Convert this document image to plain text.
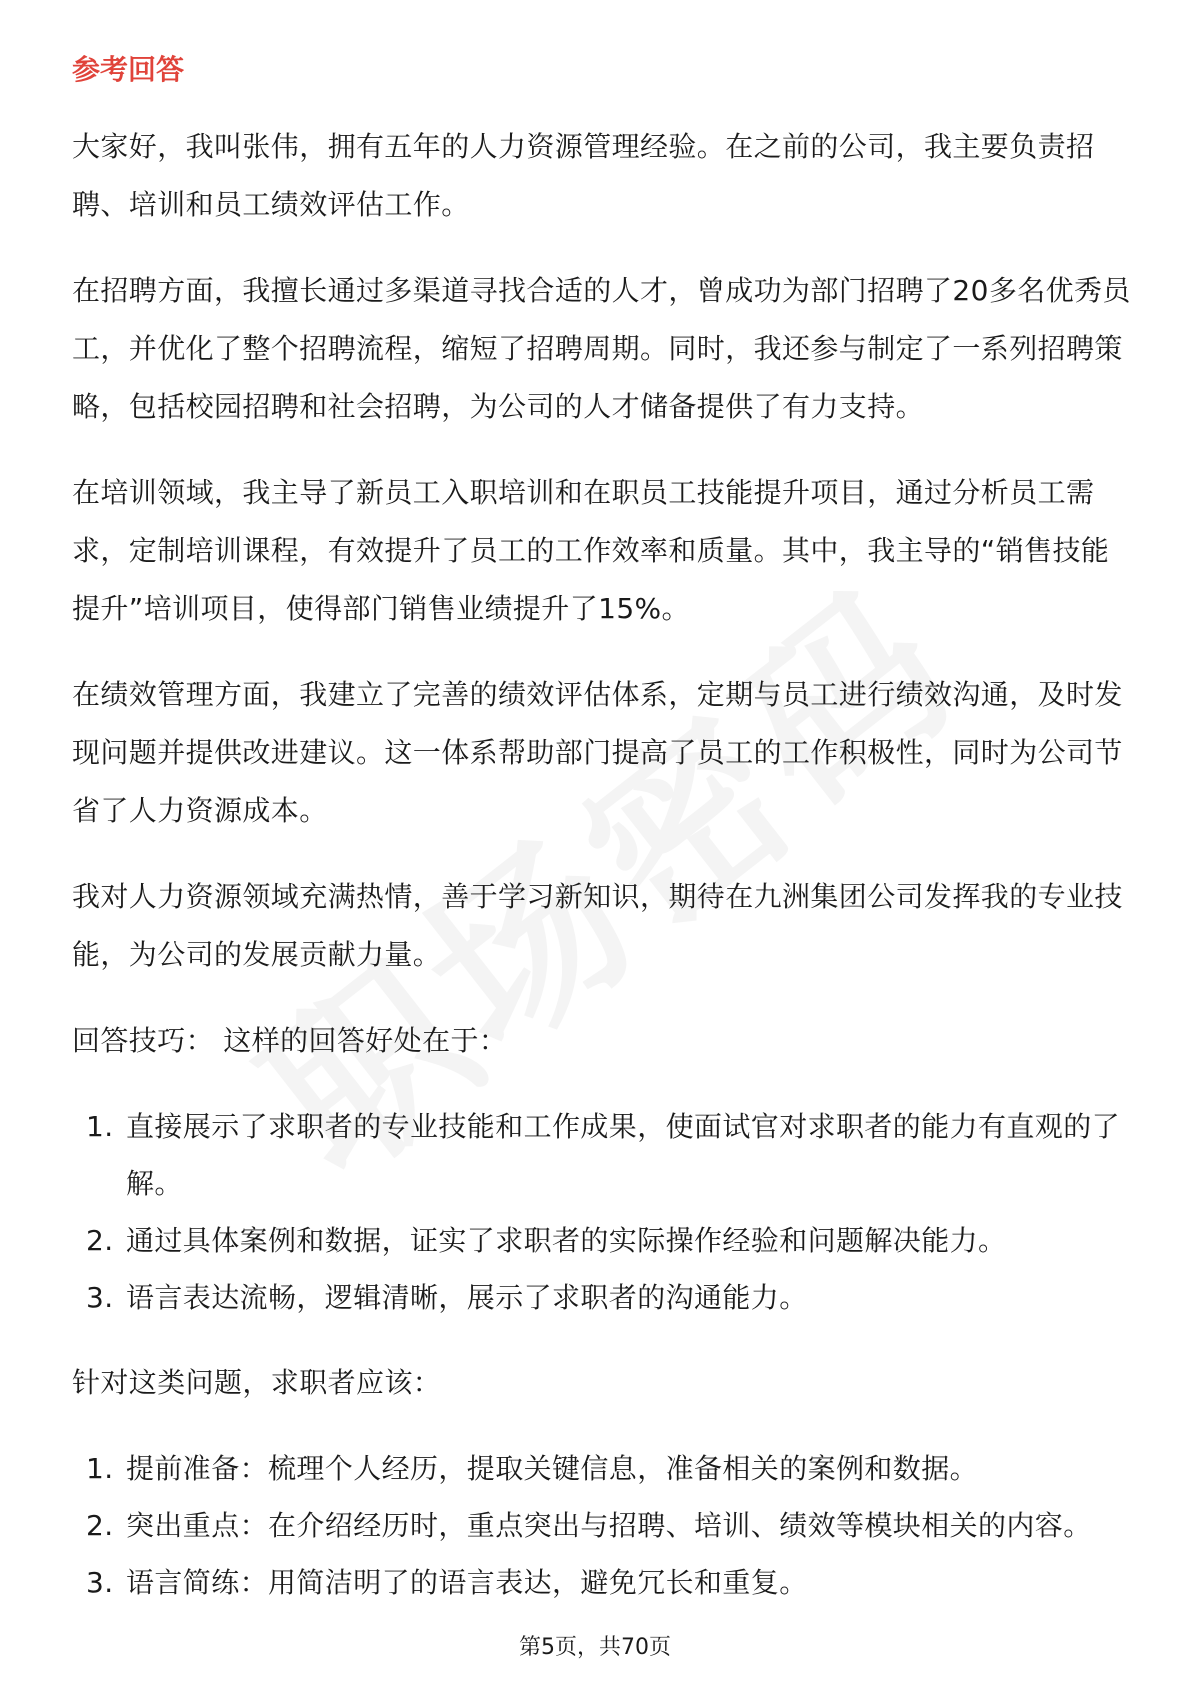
参考回答

大家好，我叫张伟，拥有五年的人力资源管理经验。在之前的公司，我主要负责招聘、培训和员工绩效评估工作。

在招聘方面，我擅长通过多渠道寻找合适的人才，曾成功为部门招聘了20多名优秀员工，并优化了整个招聘流程，缩短了招聘周期。同时，我还参与制定了一系列招聘策略，包括校园招聘和社会招聘，为公司的人才储备提供了有力支持。

在培训领域，我主导了新员工入职培训和在职员工技能提升项目，通过分析员工需求，定制培训课程，有效提升了员工的工作效率和质量。其中，我主导的“销售技能提升”培训项目，使得部门销售业绩提升了15%。

在绩效管理方面，我建立了完善的绩效评估体系，定期与员工进行绩效沟通，及时发现问题并提供改进建议。这一体系帮助部门提高了员工的工作积极性，同时为公司节省了人力资源成本。

我对人力资源领域充满热情，善于学习新知识，期待在九洲集团公司发挥我的专业技能，为公司的发展贡献力量。

回答技巧： 这样的回答好处在于：

1. 直接展示了求职者的专业技能和工作成果，使面试官对求职者的能力有直观的了解。
2. 通过具体案例和数据，证实了求职者的实际操作经验和问题解决能力。
3. 语言表达流畅，逻辑清晰，展示了求职者的沟通能力。

针对这类问题，求职者应该：

1. 提前准备：梳理个人经历，提取关键信息，准备相关的案例和数据。
2. 突出重点：在介绍经历时，重点突出与招聘、培训、绩效等模块相关的内容。
3. 语言简练：用简洁明了的语言表达，避免冗长和重复。
第5页，共70页
